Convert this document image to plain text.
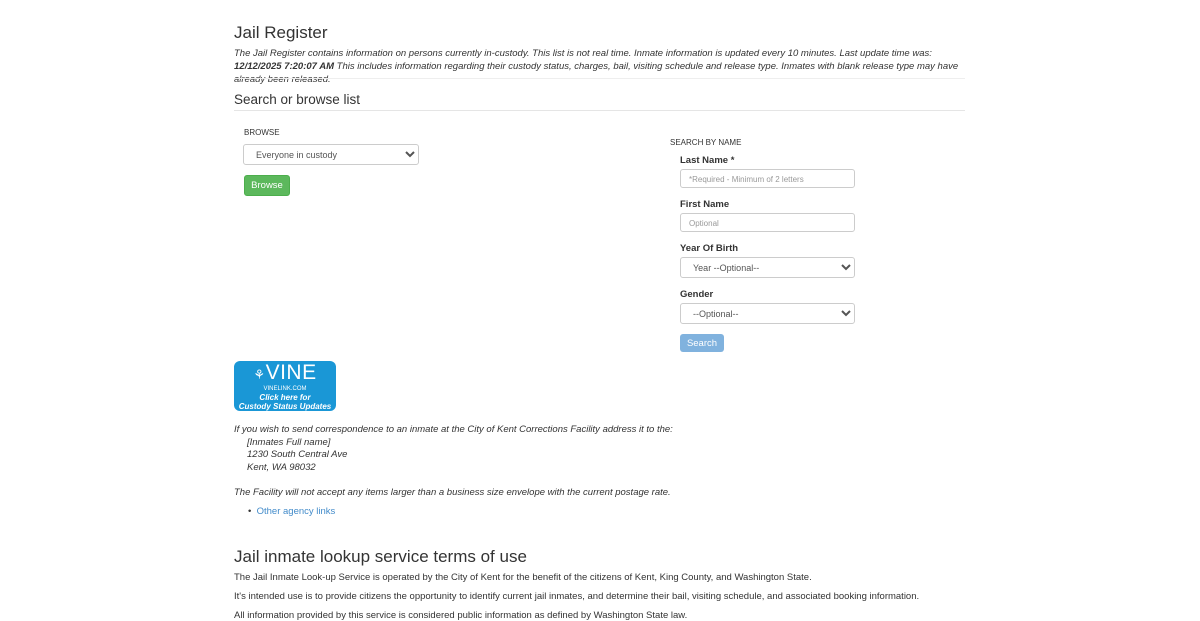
Jail Register
The Jail Register contains information on persons currently in-custody. This list is not real time. Inmate information is updated every 10 minutes. Last update time was: 12/12/2025 7:20:07 AM This includes information regarding their custody status, charges, bail, visiting schedule and release type. Inmates with blank release type may have already been released.
Search or browse list
BROWSE
Everyone in custody
Browse
SEARCH BY NAME
Last Name *
*Required - Minimum of 2 letters
First Name
Optional
Year Of Birth
Year --Optional--
Gender
--Optional--
Search
⚘VINE
VINELINK.COM
Click here for
Custody Status Updates
If you wish to send correspondence to an inmate at the City of Kent Corrections Facility address it to the:
[Inmates Full name]
1230 South Central Ave
Kent, WA 98032
The Facility will not accept any items larger than a business size envelope with the current postage rate.
• Other agency links
Jail inmate lookup service terms of use
The Jail Inmate Look-up Service is operated by the City of Kent for the benefit of the citizens of Kent, King County, and Washington State.
It's intended use is to provide citizens the opportunity to identify current jail inmates, and determine their bail, visiting schedule, and associated booking information.
All information provided by this service is considered public information as defined by Washington State law.
